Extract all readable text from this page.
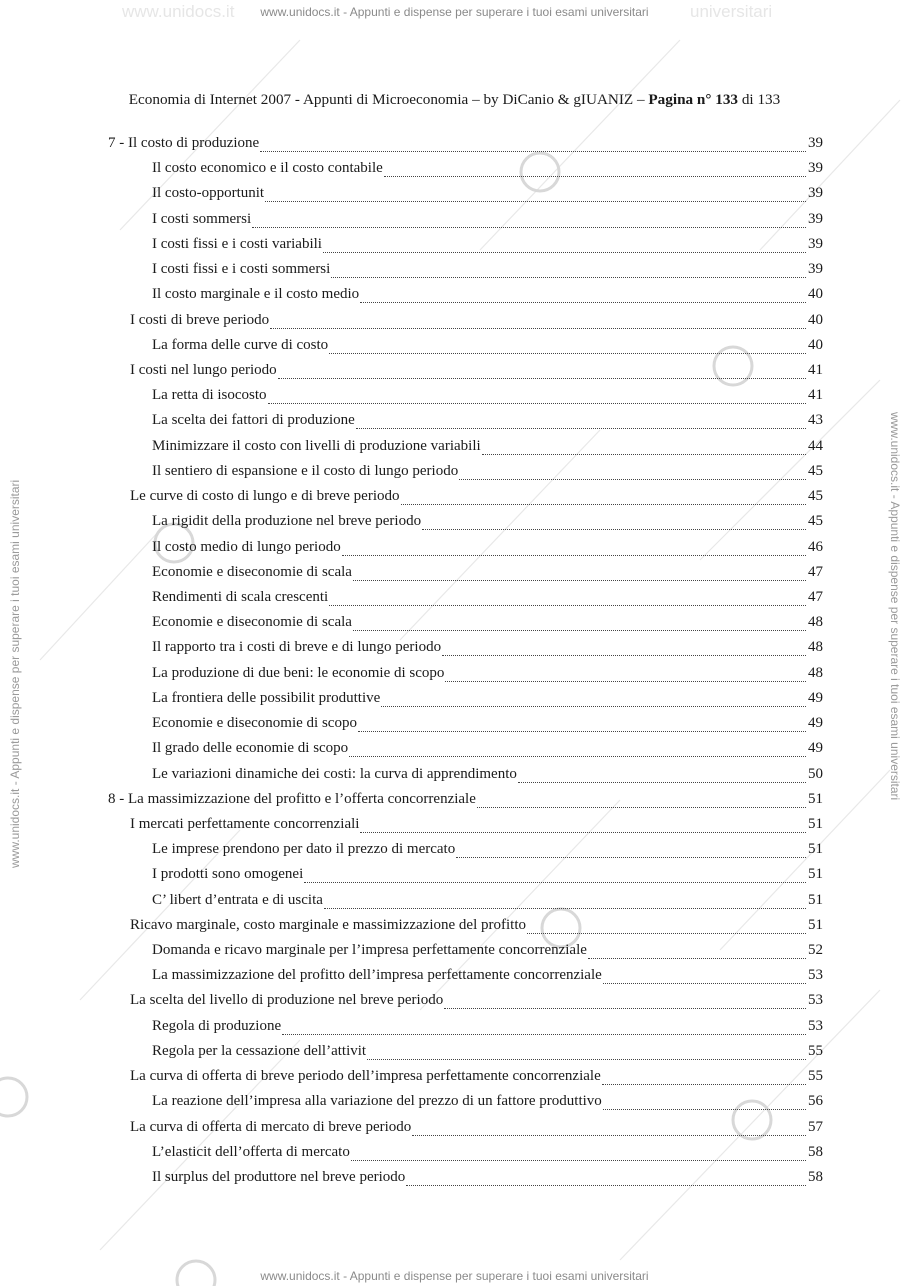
www.unidocs.it	universitari
www.unidocs.it - Appunti e dispense per superare i tuoi esami universitari
www.unidocs.it - Appunti e dispense per superare i tuoi esami universitari
www.unidocs.it - Appunti e dispense per superare i tuoi esami universitari	www.unidocs.it - Appunti e dispense per superare i tuoi esami universitari
Economia di Internet 2007 - Appunti di Microeconomia – by DiCanio & gIUANIZ – Pagina n° 133 di 133
7 - Il costo di produzione	39
Il costo economico e il costo contabile	39
Il costo-opportunit	39
I costi sommersi	39
I costi fissi e i costi variabili	39
I costi fissi e i costi sommersi	39
Il costo marginale e il costo medio	40
I costi di breve periodo	40
La forma delle curve di costo	40
I costi nel lungo periodo	41
La retta di isocosto	41
La scelta dei fattori di produzione	43
Minimizzare il costo con livelli di produzione variabili	44
Il sentiero di espansione e il costo di lungo periodo	45
Le curve di costo di lungo e di breve periodo	45
La rigidit della produzione nel breve periodo	45
Il costo medio di lungo periodo	46
Economie e diseconomie di scala	47
Rendimenti di scala crescenti	47
Economie e diseconomie di scala	48
Il rapporto tra i costi di breve e di lungo periodo	48
La produzione di due beni: le economie di scopo	48
La frontiera delle possibilit produttive	49
Economie e diseconomie di scopo	49
Il grado delle economie di scopo	49
Le variazioni dinamiche dei costi: la curva di apprendimento	50
8 - La massimizzazione del profitto e l’offerta concorrenziale	51
I mercati perfettamente concorrenziali	51
Le imprese prendono per dato il prezzo di mercato	51
I prodotti sono omogenei	51
C’ libert d’entrata e di uscita	51
Ricavo marginale, costo marginale e massimizzazione del profitto	51
Domanda e ricavo marginale per l’impresa perfettamente concorrenziale	52
La massimizzazione del profitto dell’impresa perfettamente concorrenziale	53
La scelta del livello di produzione nel breve periodo	53
Regola di produzione	53
Regola per la cessazione dell’attivit	55
La curva di offerta di breve periodo dell’impresa perfettamente concorrenziale	55
La reazione dell’impresa alla variazione del prezzo di un fattore produttivo	56
La curva di offerta di mercato di breve periodo	57
L’elasticit dell’offerta di mercato	58
Il surplus del produttore nel breve periodo	58
